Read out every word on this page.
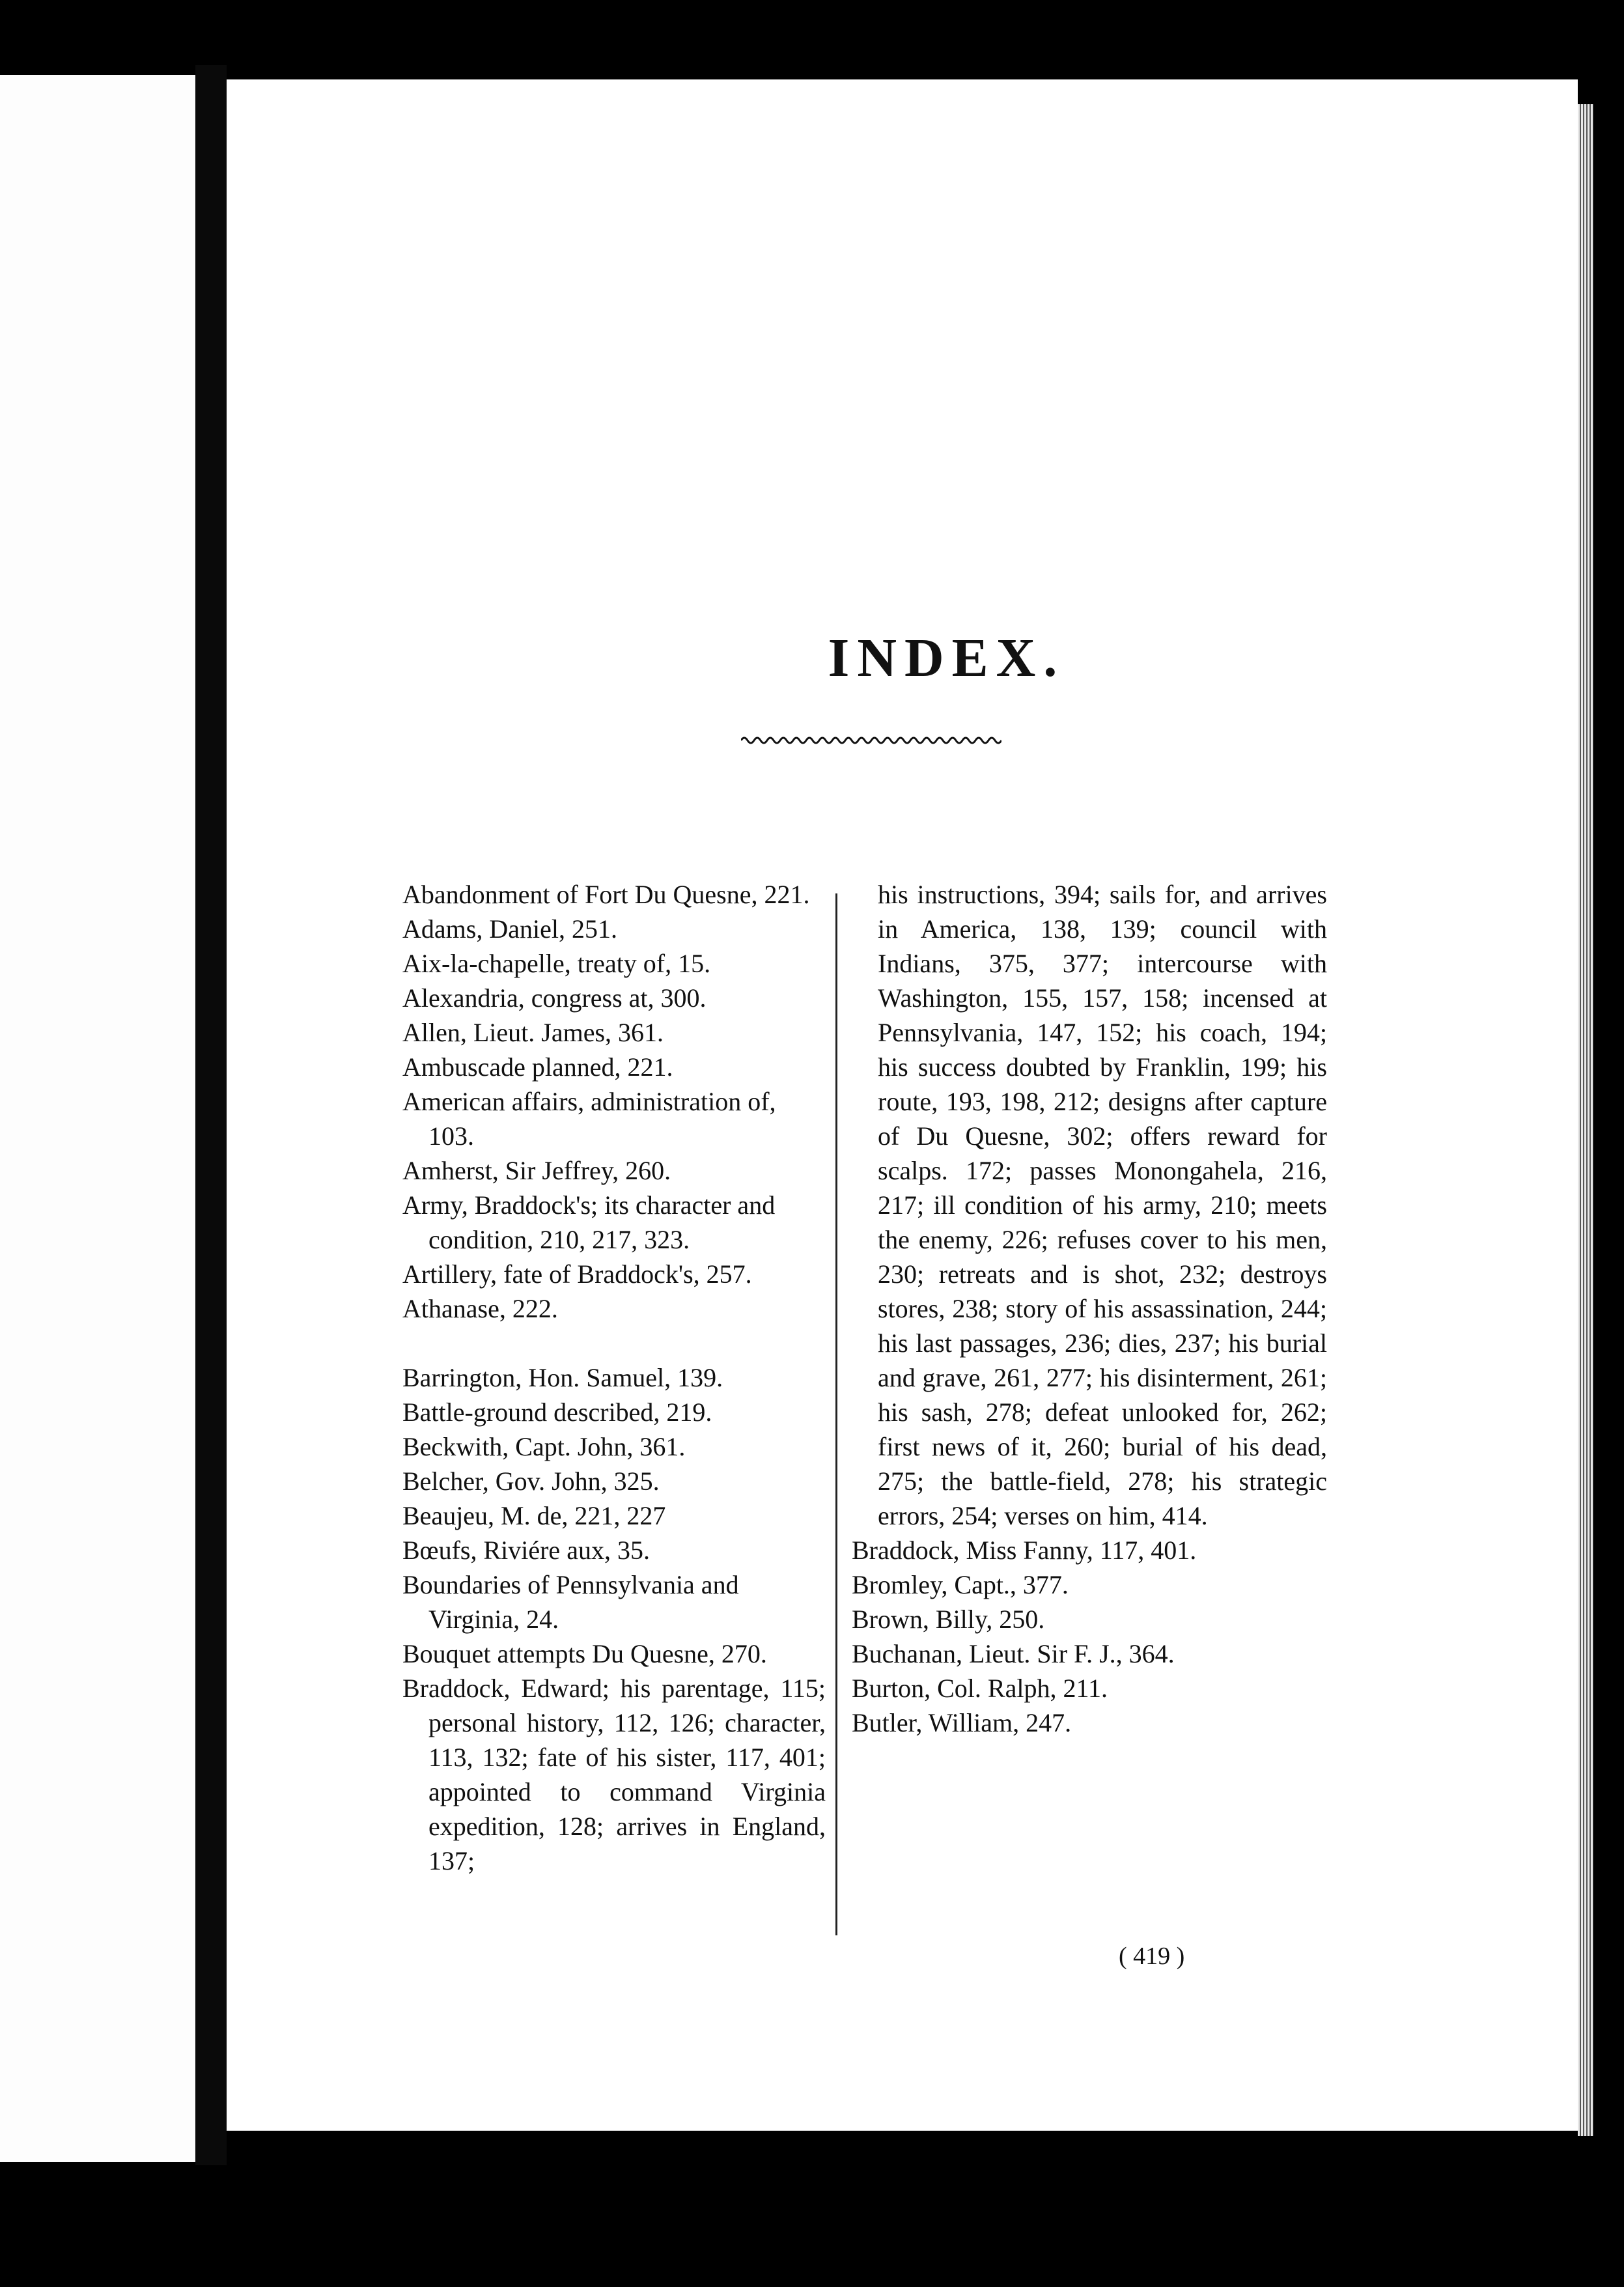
INDEX.

Abandonment of Fort Du Quesne, 221.

Adams, Daniel, 251.

Aix-la-chapelle, treaty of, 15.

Alexandria, congress at, 300.

Allen, Lieut. James, 361.

Ambuscade planned, 221.

American affairs, administration of, 103.

Amherst, Sir Jeffrey, 260.

Army, Braddock's; its character and condition, 210, 217, 323.

Artillery, fate of Braddock's, 257.

Athanase, 222.

Barrington, Hon. Samuel, 139.

Battle-ground described, 219.

Beckwith, Capt. John, 361.

Belcher, Gov. John, 325.

Beaujeu, M. de, 221, 227

Bœufs, Riviére aux, 35.

Boundaries of Pennsylvania and Virginia, 24.

Bouquet attempts Du Quesne, 270.

Braddock, Edward; his parentage, 115; personal history, 112, 126; character, 113, 132; fate of his sister, 117, 401; appointed to command Virginia expedition, 128; arrives in England, 137;

his instructions, 394; sails for, and arrives in America, 138, 139; council with Indians, 375, 377; intercourse with Washington, 155, 157, 158; incensed at Pennsylvania, 147, 152; his coach, 194; his success doubted by Franklin, 199; his route, 193, 198, 212; designs after capture of Du Quesne, 302; offers reward for scalps. 172; passes Monongahela, 216, 217; ill condition of his army, 210; meets the enemy, 226; refuses cover to his men, 230; retreats and is shot, 232; destroys stores, 238; story of his assassination, 244; his last passages, 236; dies, 237; his burial and grave, 261, 277; his disinterment, 261; his sash, 278; defeat unlooked for, 262; first news of it, 260; burial of his dead, 275; the battle-field, 278; his strategic errors, 254; verses on him, 414.

Braddock, Miss Fanny, 117, 401.

Bromley, Capt., 377.

Brown, Billy, 250.

Buchanan, Lieut. Sir F. J., 364.

Burton, Col. Ralph, 211.

Butler, William, 247.

( 419 )
